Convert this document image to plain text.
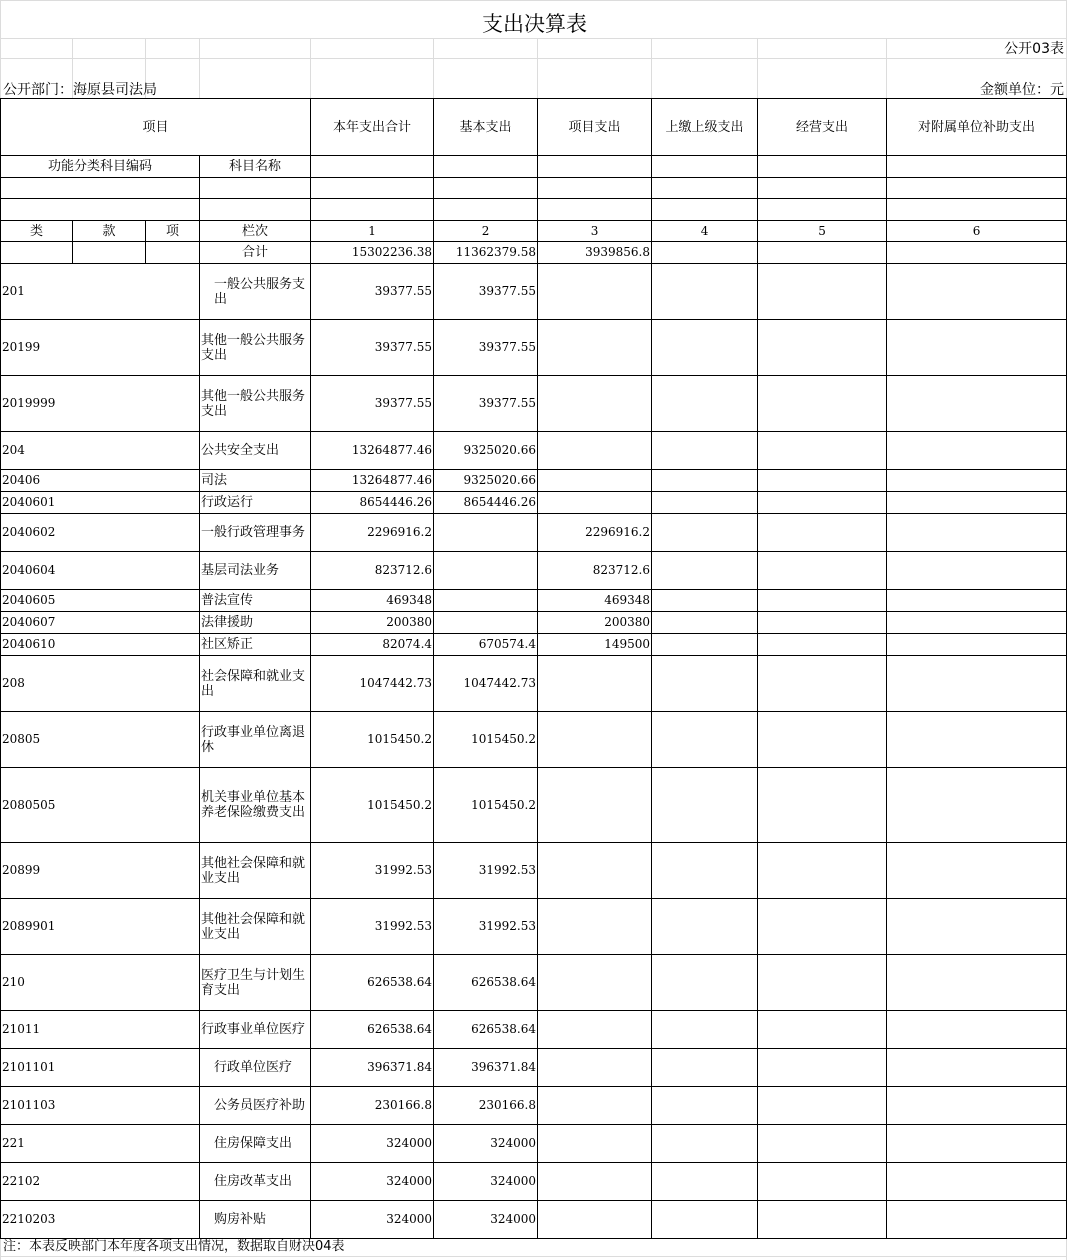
支出决算表
公开03表
公开部门：海原县司法局	金额单位：元
项目				本年支出合计	基本支出	项目支出	上缴上级支出	经营支出	对附属单位补助支出
功能分类科目编码			科目名称						

类	款	项	栏次	1	2	3	4	5	6
			合计	15302236.38	11362379.58	3939856.8			
201			一般公共服务支出	39377.55	39377.55				
20199			其他一般公共服务支出	39377.55	39377.55				
2019999			其他一般公共服务支出	39377.55	39377.55				
204			公共安全支出	13264877.46	9325020.66				
20406			司法	13264877.46	9325020.66				
2040601			行政运行	8654446.26	8654446.26				
2040602			一般行政管理事务	2296916.2		2296916.2			
2040604			基层司法业务	823712.6		823712.6			
2040605			普法宣传	469348		469348			
2040607			法律援助	200380		200380			
2040610			社区矫正	82074.4	670574.4	149500			
208			社会保障和就业支出	1047442.73	1047442.73				
20805			行政事业单位离退休	1015450.2	1015450.2				
2080505			机关事业单位基本养老保险缴费支出	1015450.2	1015450.2				
20899			其他社会保障和就业支出	31992.53	31992.53				
2089901			其他社会保障和就业支出	31992.53	31992.53				
210			医疗卫生与计划生育支出	626538.64	626538.64				
21011			行政事业单位医疗	626538.64	626538.64				
2101101			行政单位医疗	396371.84	396371.84				
2101103			公务员医疗补助	230166.8	230166.8				
221			住房保障支出	324000	324000				
22102			住房改革支出	324000	324000				
2210203			购房补贴	324000	324000				
注：本表反映部门本年度各项支出情况，数据取自财决04表
